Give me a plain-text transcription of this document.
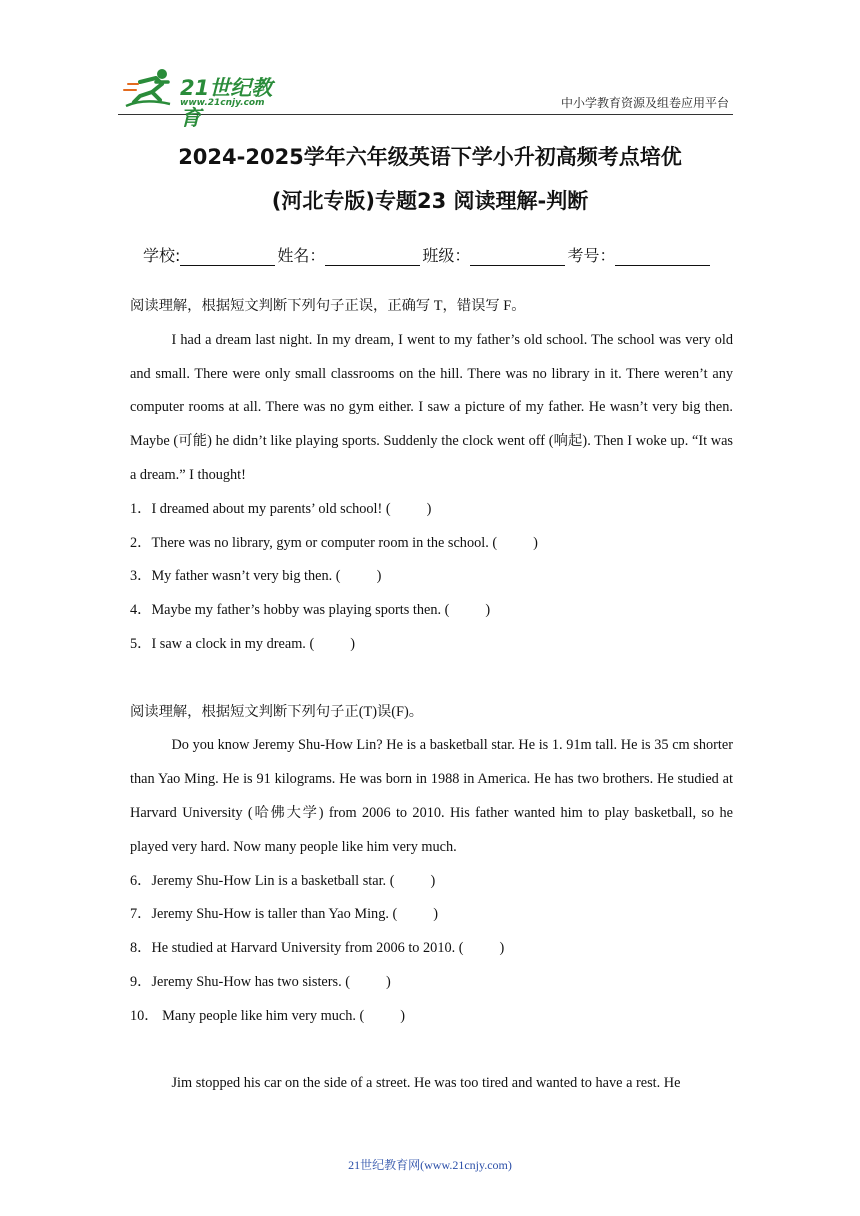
21世纪教育
www.21cnjy.com	中小学教育资源及组卷应用平台
2024-2025学年六年级英语下学小升初高频考点培优
(河北专版)专题23 阅读理解-判断
学校:	姓名：	班级：	考号：
阅读理解，根据短文判断下列句子正误，正确写 T，错误写 F。

I had a dream last night. In my dream, I went to my father’s old school. The school was very old and small. There were only small classrooms on the hill. There was no library in it. There weren’t any computer rooms at all. There was no gym either. I saw a picture of my father. He wasn’t very big then. Maybe (可能) he didn’t like playing sports. Suddenly the clock went off (响起). Then I woke up. “It was a dream.” I thought!

1．I dreamed about my parents’ old school! (	)

2．There was no library, gym or computer room in the school. (	)

3．My father wasn’t very big then. (	)

4．Maybe my father’s hobby was playing sports then. (	)

5．I saw a clock in my dream. (	)

阅读理解，根据短文判断下列句子正(T)误(F)。

Do you know Jeremy Shu-How Lin? He is a basketball star. He is 1. 91m tall. He is 35 cm shorter than Yao Ming. He is 91 kilograms. He was born in 1988 in America. He has two brothers. He studied at Harvard University (哈佛大学) from 2006 to 2010. His father wanted him to play basketball, so he played very hard. Now many people like him very much.

6．Jeremy Shu-How Lin is a basketball star. (	)

7．Jeremy Shu-How is taller than Yao Ming. (	)

8．He studied at Harvard University from 2006 to 2010. (	)

9．Jeremy Shu-How has two sisters. (	)

10． Many people like him very much. (	)

Jim stopped his car on the side of a street. He was too tired and wanted to have a rest. He

21世纪教育网(www.21cnjy.com)
